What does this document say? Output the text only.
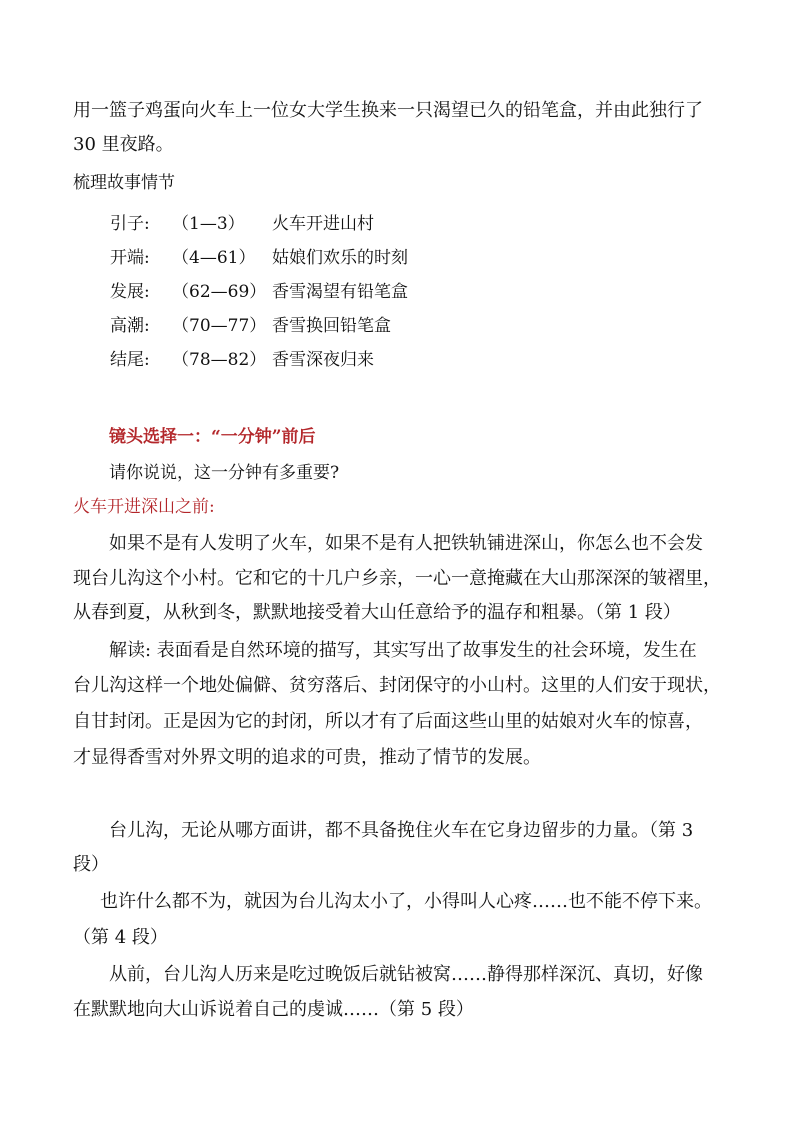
用一篮子鸡蛋向火车上一位女大学生换来一只渴望已久的铅笔盒，并由此独行了
30 里夜路。
梳理故事情节
引子:	（1—3）	火车开进山村
开端:	（4—61） 姑娘们欢乐的时刻
发展:	（62—69） 香雪渴望有铅笔盒
高潮:	（70—77） 香雪换回铅笔盒
结尾:	（78—82） 香雪深夜归来
镜头选择一：“一分钟”前后
请你说说，这一分钟有多重要?
火车开进深山之前:
如果不是有人发明了火车，如果不是有人把铁轨铺进深山，你怎么也不会发
现台儿沟这个小村。它和它的十几户乡亲，一心一意掩藏在大山那深深的皱褶里，
从春到夏，从秋到冬，默默地接受着大山任意给予的温存和粗暴。（第 1 段）
解读: 表面看是自然环境的描写，其实写出了故事发生的社会环境，发生在
台儿沟这样一个地处偏僻、贫穷落后、封闭保守的小山村。这里的人们安于现状，
自甘封闭。正是因为它的封闭，所以才有了后面这些山里的姑娘对火车的惊喜，
才显得香雪对外界文明的追求的可贵，推动了情节的发展。
台儿沟，无论从哪方面讲，都不具备挽住火车在它身边留步的力量。（第 3
段）
也许什么都不为，就因为台儿沟太小了，小得叫人心疼……也不能不停下来。
（第 4 段）
从前，台儿沟人历来是吃过晚饭后就钻被窝……静得那样深沉、真切，好像
在默默地向大山诉说着自己的虔诚……（第 5 段）
